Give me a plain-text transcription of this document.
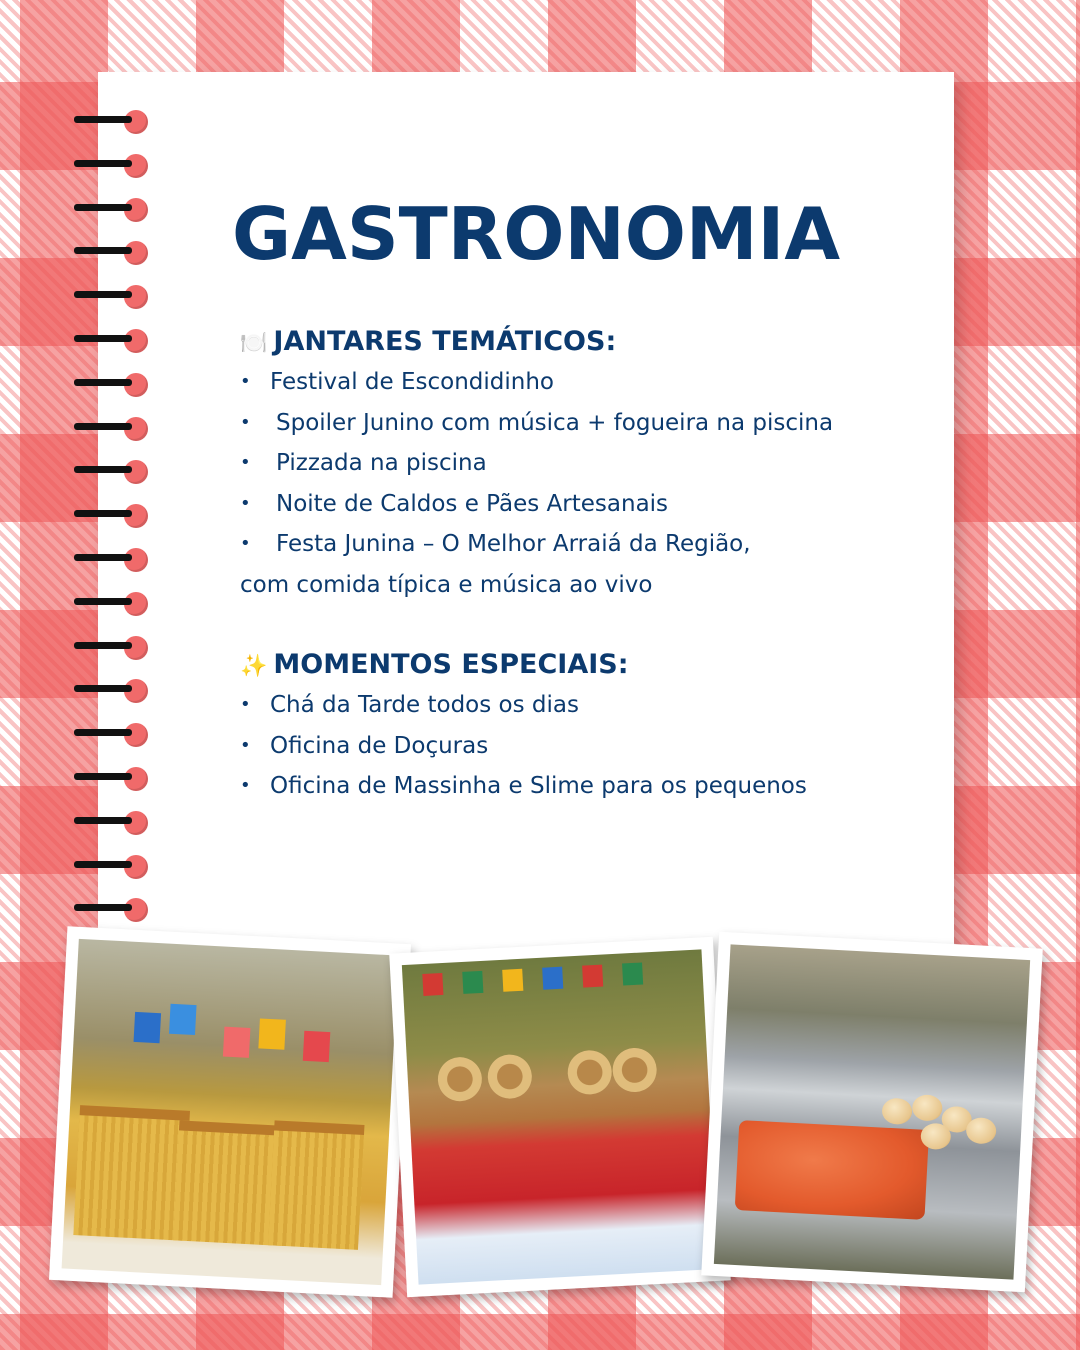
GASTRONOMIA
🍽️ JANTARES TEMÁTICOS:
• Festival de Escondidinho
• Spoiler Junino com música + fogueira na piscina
• Pizzada na piscina
• Noite de Caldos e Pães Artesanais
• Festa Junina – O Melhor Arraiá da Região,
com comida típica e música ao vivo
✨ MOMENTOS ESPECIAIS:
• Chá da Tarde todos os dias
• Oficina de Doçuras
• Oficina de Massinha e Slime para os pequenos
